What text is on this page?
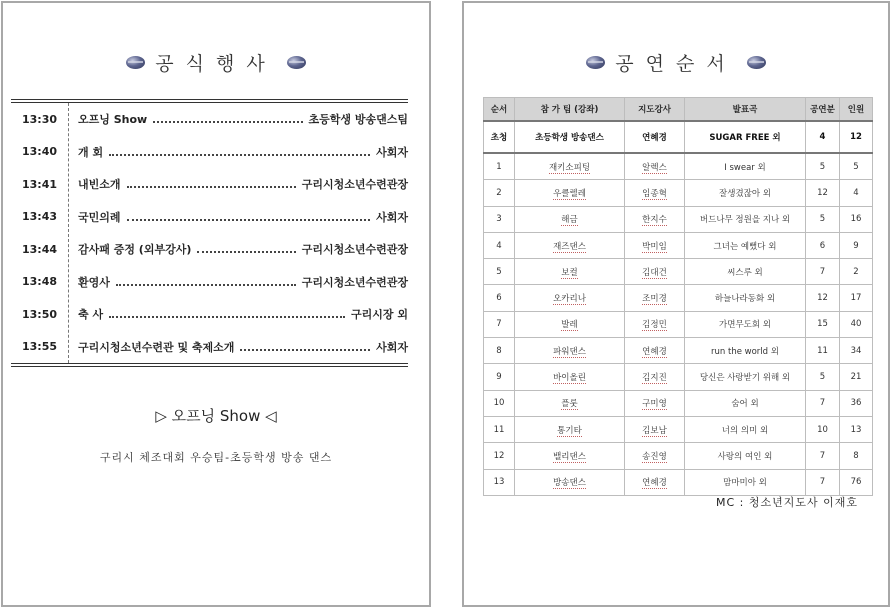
공식행사
13:30	오프닝 Show	초등학생 방송댄스팀
13:40	개 회	사회자
13:41	내빈소개	구리시청소년수련관장
13:43	국민의례	사회자
13:44	감사패 증정 (외부강사)	구리시청소년수련관장
13:48	환영사	구리시청소년수련관장
13:50	축 사	구리시장 외
13:55	구리시청소년수련관 및 축제소개	사회자
▷ 오프닝 Show ◁
구리시 체조대회 우승팀-초등학생 방송 댄스
공연순서
순서	참 가 팀 (강좌)	지도강사	발표곡	공연분	인원
초청	초등학생 방송댄스	연혜경	SUGAR FREE 외	4	12
1	재키소피팅	알렉스	I swear 외	5	5
2	우클렐레	임종혁	잘생겼잖아 외	12	4
3	해금	한지수	버드나무 정원을 지나 외	5	16
4	재즈댄스	박미임	그녀는 예뻤다 외	6	9
5	보컬	김대건	씨스루 외	7	2
6	오카리나	조미경	하늘나라동화 외	12	17
7	발레	김정민	가면무도회 외	15	40
8	파워댄스	연혜경	run the world 외	11	34
9	바이올린	김지진	당신은 사랑받기 위해 외	5	21
10	플룻	구미영	숨어 외	7	36
11	통기타	김보남	너의 의미 외	10	13
12	밸리댄스	송진영	사랑의 여인 외	7	8
13	방송댄스	연혜경	맘마미아 외	7	76
MC : 청소년지도사 이재호
